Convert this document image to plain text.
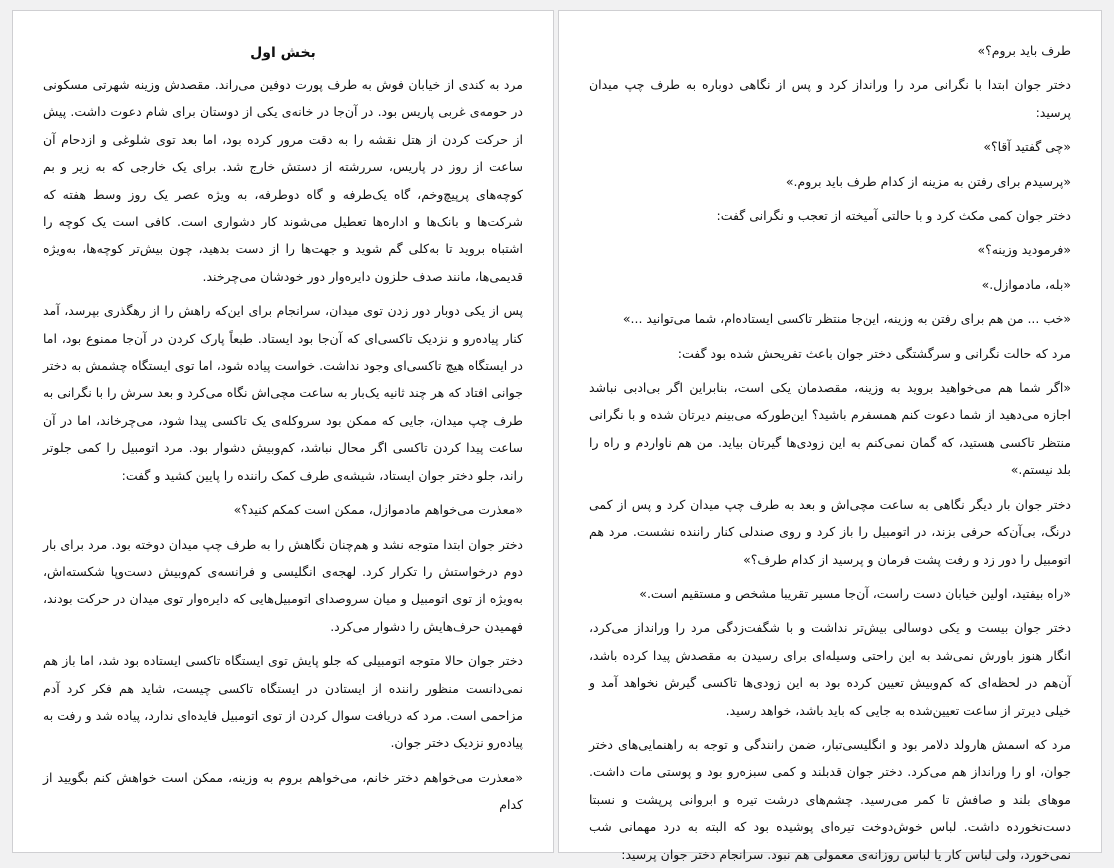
بخش اول

مرد به کندی از خیابان فوش به طرف پورت دوفین می‌راند. مقصدش وزینه شهرتی مسکونی در حومه‌ی غربی پاریس بود. در آن‌جا در خانه‌ی یکی از دوستان برای شام دعوت داشت. پیش از حرکت کردن از هتل نقشه را به دقت مرور کرده بود، اما بعد توی شلوغی و ازدحام آن ساعت از روز در پاریس، سررشته از دستش خارج شد. برای یک خارجی که به زیر و بم کوچه‌های پرپیچ‌وخم، گاه یک‌طرفه و گاه دوطرفه، به ویژه عصر یک روز وسط هفته که شرکت‌ها و بانک‌ها و اداره‌ها تعطیل می‌شوند کار دشواری است. کافی است یک کوچه را اشتباه بروید تا به‌کلی گم شوید و جهت‌ها را از دست بدهید، چون بیش‌تر کوچه‌ها، به‌ویژه قدیمی‌ها، مانند صدف حلزون دایره‌وار دور خودشان می‌چرخند.

پس از یکی دوبار دور زدن توی میدان، سرانجام برای این‌که راهش را از رهگذری بپرسد، آمد کنار پیاده‌رو و نزدیک تاکسی‌ای که آن‌جا بود ایستاد. طبعاً پارک کردن در آن‌جا ممنوع بود، اما در ایستگاه هیچ تاکسی‌ای وجود نداشت. خواست پیاده شود، اما توی ایستگاه چشمش به دختر جوانی افتاد که هر چند ثانیه یک‌بار به ساعت مچی‌اش نگاه می‌کرد و بعد سرش را با نگرانی به طرف چپ میدان، جایی که ممکن بود سروکله‌ی یک تاکسی پیدا شود، می‌چرخاند، اما در آن ساعت پیدا کردن تاکسی اگر محال نباشد، کم‌وبیش دشوار بود. مرد اتومبیل را کمی جلوتر راند، جلو دختر جوان ایستاد، شیشه‌ی طرف کمک راننده را پایین کشید و گفت:

«معذرت می‌خواهم مادموازل، ممکن است کمکم کنید؟»

دختر جوان ابتدا متوجه نشد و هم‌چنان نگاهش را به طرف چپ میدان دوخته بود. مرد برای بار دوم درخواستش را تکرار کرد. لهجه‌ی انگلیسی و فرانسه‌ی کم‌وبیش دست‌وپا شکسته‌اش، به‌ویژه از توی اتومبیل و میان سروصدای اتومبیل‌هایی که دایره‌وار توی میدان در حرکت بودند، فهمیدن حرف‌هایش را دشوار می‌کرد.

دختر جوان حالا متوجه اتومبیلی که جلو پایش توی ایستگاه تاکسی ایستاده بود شد، اما باز هم نمی‌دانست منظور راننده از ایستادن در ایستگاه تاکسی چیست، شاید هم فکر کرد آدم مزاحمی است. مرد که دریافت سوال کردن از توی اتومبیل فایده‌ای ندارد، پیاده شد و رفت به پیاده‌رو نزدیک دختر جوان.

«معذرت می‌خواهم دختر خانم، می‌خواهم بروم به وزینه، ممکن است خواهش کنم بگویید از کدام

طرف باید بروم؟»

دختر جوان ابتدا با نگرانی مرد را ورانداز کرد و پس از نگاهی دوباره به طرف چپ میدان پرسید:

«چی گفتید آقا؟»

«پرسیدم برای رفتن به مزینه از کدام طرف باید بروم.»

دختر جوان کمی مکث کرد و با حالتی آمیخته از تعجب و نگرانی گفت:

«فرمودید وزینه؟»

«بله، مادموازل.»

«خب ... من هم برای رفتن به وزینه، این‌جا منتظر تاکسی ایستاده‌ام، شما می‌توانید ...»

مرد که حالت نگرانی و سرگشتگی دختر جوان باعث تفریحش شده بود گفت:

«اگر شما هم می‌خواهید بروید به وزینه، مقصدمان یکی است، بنابراین اگر بی‌ادبی نباشد اجازه می‌دهید از شما دعوت کنم همسفرم باشید؟ این‌طورکه می‌بینم دیرتان شده و با نگرانی منتظر تاکسی هستید، که گمان نمی‌کنم به این زودی‌ها گیرتان بیاید. من هم ناواردم و راه را بلد نیستم.»

دختر جوان بار دیگر نگاهی به ساعت مچی‌اش و بعد به طرف چپ میدان کرد و پس از کمی درنگ، بی‌آن‌که حرفی بزند، در اتومبیل را باز کرد و روی صندلی کنار راننده نشست. مرد هم اتومبیل را دور زد و رفت پشت فرمان و پرسید از کدام طرف؟»

«راه بیفتید، اولین خیابان دست راست، آن‌جا مسیر تقریبا مشخص و مستقیم است.»

دختر جوان بیست و یکی دوسالی بیش‌تر نداشت و با شگفت‌زدگی مرد را ورانداز می‌کرد، انگار هنوز باورش نمی‌شد به این راحتی وسیله‌ای برای رسیدن به مقصدش پیدا کرده باشد، آن‌هم در لحظه‌ای که کم‌وبیش تعیین کرده بود به این زودی‌ها تاکسی گیرش نخواهد آمد و خیلی دیرتر از ساعت تعیین‌شده به جایی که باید باشد، خواهد رسید.

مرد که اسمش هارولد دلامر بود و انگلیسی‌تبار، ضمن رانندگی و توجه به راهنمایی‌های دختر جوان، او را ورانداز هم می‌کرد. دختر جوان قدبلند و کمی سبزه‌رو بود و پوستی مات داشت. موهای بلند و صافش تا کمر می‌رسید. چشم‌های درشت تیره و ابروانی پرپشت و نسبتا دست‌نخورده داشت. لباس خوش‌دوخت تیره‌ای پوشیده بود که البته به درد مهمانی شب نمی‌خورد، ولی لباس کار یا لباس روزانه‌ی معمولی هم نبود. سرانجام دختر جوان پرسید:
